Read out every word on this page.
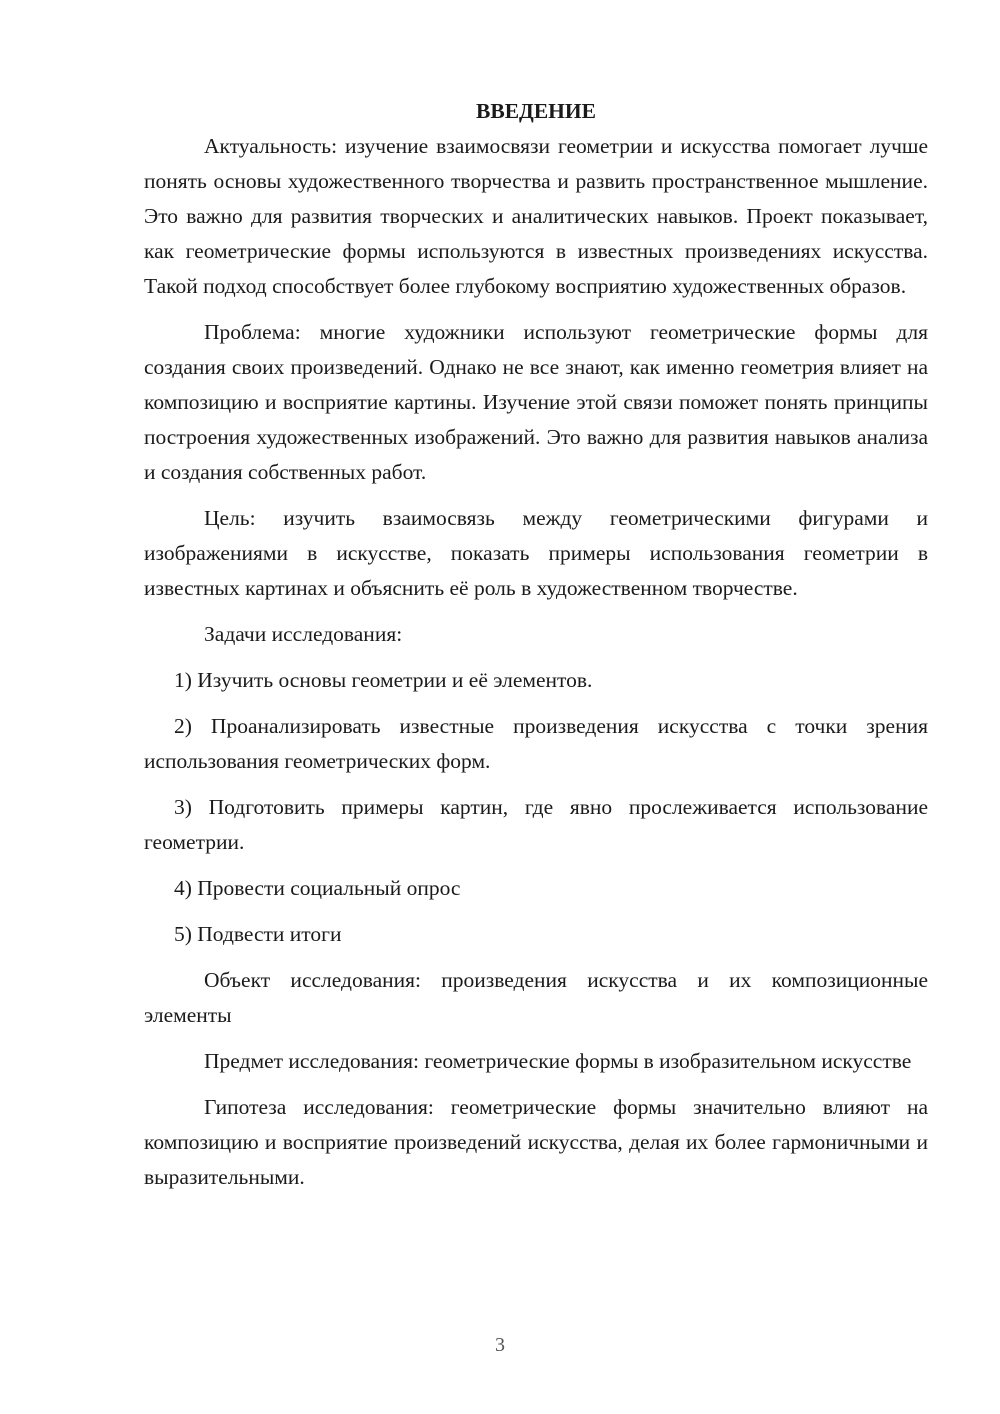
ВВЕДЕНИЕ

Актуальность: изучение взаимосвязи геометрии и искусства помогает лучше понять основы художественного творчества и развить пространственное мышление. Это важно для развития творческих и аналитических навыков. Проект показывает, как геометрические формы используются в известных произведениях искусства. Такой подход способствует более глубокому восприятию художественных образов.

Проблема: многие художники используют геометрические формы для создания своих произведений. Однако не все знают, как именно геометрия влияет на композицию и восприятие картины. Изучение этой связи поможет понять принципы построения художественных изображений. Это важно для развития навыков анализа и создания собственных работ.

Цель: изучить взаимосвязь между геометрическими фигурами и изображениями в искусстве, показать примеры использования геометрии в известных картинах и объяснить её роль в художественном творчестве.

Задачи исследования:

1) Изучить основы геометрии и её элементов.

2) Проанализировать известные произведения искусства с точки зрения использования геометрических форм.

3) Подготовить примеры картин, где явно прослеживается использование геометрии.

4) Провести социальный опрос

5) Подвести итоги

Объект исследования: произведения искусства и их композиционные элементы

Предмет исследования: геометрические формы в изобразительном искусстве

Гипотеза исследования: геометрические формы значительно влияют на композицию и восприятие произведений искусства, делая их более гармоничными и выразительными.

3
